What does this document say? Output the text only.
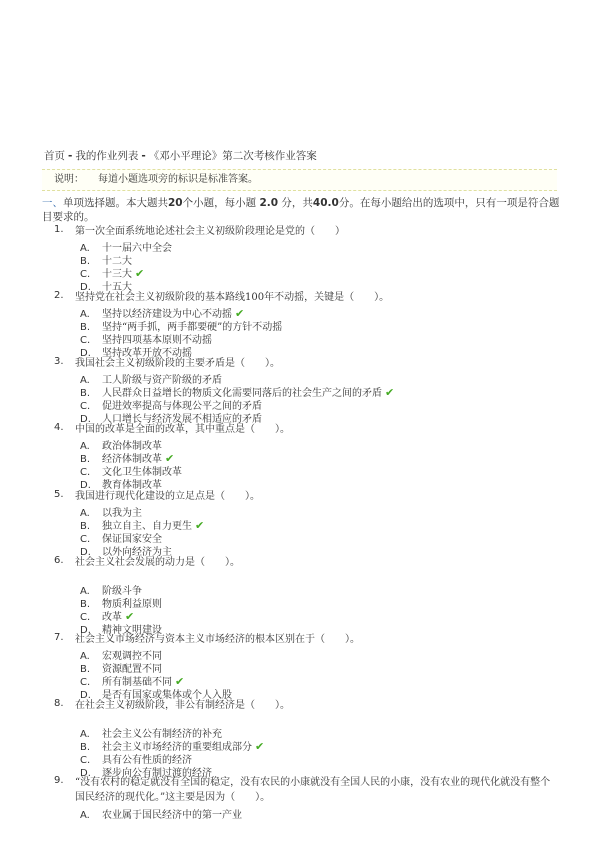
首页 - 我的作业列表 - 《邓小平理论》第二次考核作业答案
说明： 每道小题选项旁的标识是标准答案。
一、单项选择题。本大题共20个小题，每小题 2.0 分，共40.0分。在每小题给出的选项中，只有一项是符合题目要求的。
1. 第一次全面系统地论述社会主义初级阶段理论是党的（　　）
A. 十一届六中全会
B. 十二大
C. 十三大 ✔
D. 十五大
2. 坚持党在社会主义初级阶段的基本路线100年不动摇，关键是（　　）。
A. 坚持以经济建设为中心不动摇 ✔
B. 坚持“两手抓，两手都要硬”的方针不动摇
C. 坚持四项基本原则不动摇
D. 坚持改革开放不动摇
3. 我国社会主义初级阶段的主要矛盾是（　　）。
A. 工人阶级与资产阶级的矛盾
B. 人民群众日益增长的物质文化需要同落后的社会生产之间的矛盾 ✔
C. 促进效率提高与体现公平之间的矛盾
D. 人口增长与经济发展不相适应的矛盾
4. 中国的改革是全面的改革，其中重点是（　　）。
A. 政治体制改革
B. 经济体制改革 ✔
C. 文化卫生体制改革
D. 教育体制改革
5. 我国进行现代化建设的立足点是（　　）。
A. 以我为主
B. 独立自主、自力更生 ✔
C. 保证国家安全
D. 以外向经济为主
6. 社会主义社会发展的动力是（　　）。
A. 阶级斗争
B. 物质利益原则
C. 改革 ✔
D. 精神文明建设
7. 社会主义市场经济与资本主义市场经济的根本区别在于（　　）。
A. 宏观调控不同
B. 资源配置不同
C. 所有制基础不同 ✔
D. 是否有国家或集体或个人入股
8. 在社会主义初级阶段，非公有制经济是（　　）。
A. 社会主义公有制经济的补充
B. 社会主义市场经济的重要组成部分 ✔
C. 具有公有性质的经济
D. 逐步向公有制过渡的经济
9. “没有农村的稳定就没有全国的稳定，没有农民的小康就没有全国人民的小康，没有农业的现代化就没有整个国民经济的现代化。”这主要是因为（　　）。
A. 农业属于国民经济中的第一产业
